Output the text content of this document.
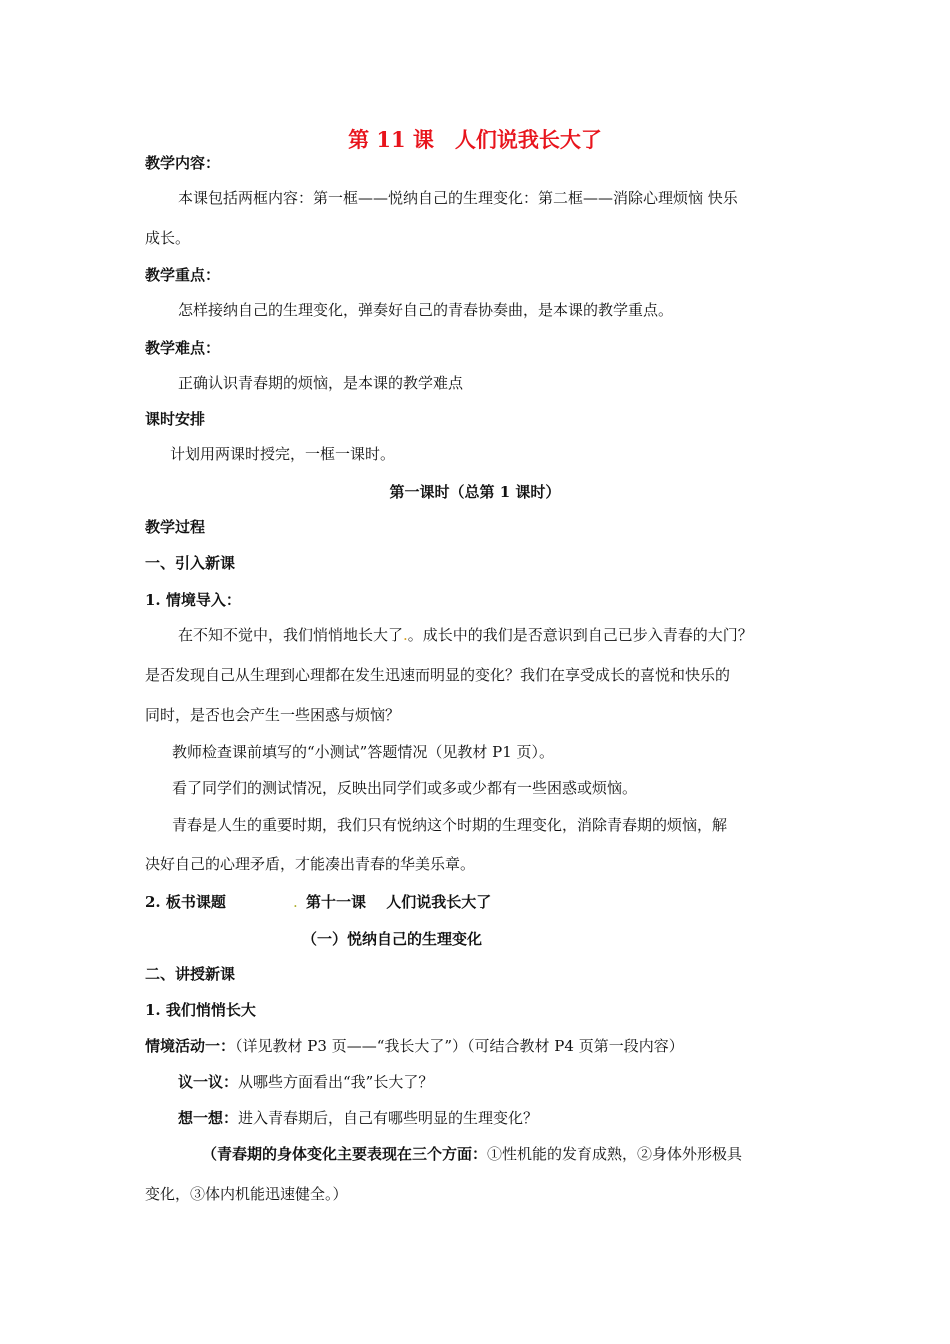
第 11 课　人们说我长大了
教学内容：
本课包括两框内容：第一框——悦纳自己的生理变化：第二框——消除心理烦恼 快乐
成长。
教学重点：
怎样接纳自己的生理变化，弹奏好自己的青春协奏曲，是本课的教学重点。
教学难点：
正确认识青春期的烦恼，是本课的教学难点
课时安排
计划用两课时授完，一框一课时。
第一课时（总第 1 课时）
教学过程
一、引入新课
1. 情境导入：
在不知不觉中，我们悄悄地长大了.。成长中的我们是否意识到自己已步入青春的大门？
是否发现自己从生理到心理都在发生迅速而明显的变化？我们在享受成长的喜悦和快乐的
同时，是否也会产生一些困惑与烦恼？
教师检查课前填写的“小测试”答题情况（见教材 P1 页）。
看了同学们的测试情况，反映出同学们或多或少都有一些困惑或烦恼。
青春是人生的重要时期，我们只有悦纳这个时期的生理变化，消除青春期的烦恼，解
决好自己的心理矛盾，才能凑出青春的华美乐章。
2. 板书课题	. 第十一课　 人们说我长大了
（一）悦纳自己的生理变化
二、讲授新课
1. 我们悄悄长大
情境活动一：（详见教材 P3 页——“我长大了”）（可结合教材 P4 页第一段内容）
议一议：从哪些方面看出“我”长大了？
想一想：进入青春期后，自己有哪些明显的生理变化？
（青春期的身体变化主要表现在三个方面：①性机能的发育成熟，②身体外形极具
变化，③体内机能迅速健全。）
